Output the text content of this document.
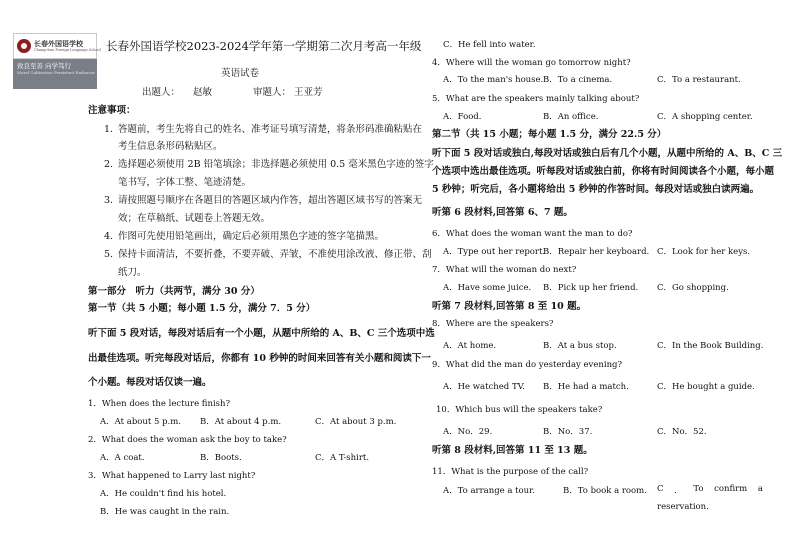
长春外国语学校
Changchun Foreign Language School
致良至善 向学笃行
Moral Cultivation Persistent Endeavor
长春外国语学校2023-2024学年第一学期第二次月考高一年级
英语试卷
出题人： 赵敏	审题人： 王亚芳
注意事项：
1. 答题前，考生先将自己的姓名、准考证号填写清楚，将条形码准确粘贴在
考生信息条形码粘贴区。
2. 选择题必须使用 2B 铅笔填涂；非选择题必须使用 0.5 毫米黑色字迹的签字
笔书写，字体工整、笔迹清楚。
3. 请按照题号顺序在各题目的答题区域内作答，超出答题区域书写的答案无
效；在草稿纸、试题卷上答题无效。
4. 作图可先使用铅笔画出，确定后必须用黑色字迹的签字笔描黑。
5. 保持卡面清洁，不要折叠，不要弄破、弄皱，不准使用涂改液、修正带、刮
纸刀。
第一部分　听力（共两节，满分 30 分）
第一节（共 5 小题；每小题 1.5 分，满分 7．5 分）
听下面 5 段对话，每段对话后有一个小题，从题中所给的 A、B、C 三个选项中选
出最佳选项。听完每段对话后，你都有 10 秒钟的时间来回答有关小题和阅读下一
个小题。每段对话仅读一遍。
1．When does the lecture finish?
A．At about 5 p.m. B．At about 4 p.m.	C．At about 3 p.m.
2．What does the woman ask the boy to take?
A．A coat.	B．Boots.	C．A T-shirt.
3．What happened to Larry last night?
A．He couldn't find his hotel.
B．He was caught in the rain.
C．He fell into water.
4．Where will the woman go tomorrow night?
A．To the man's house. B．To a cinema.	C．To a restaurant.
5．What are the speakers mainly talking about?
A．Food.	B．An office.	C．A shopping center.
第二节（共 15 小题；每小题 1.5 分，满分 22.5 分）
听下面 5 段对话或独白,每段对话或独白后有几个小题，从题中所给的 A、B、C 三
个选项中选出最佳选项。听每段对话或独白前，你将有时间阅读各个小题，每小题
5 秒钟；听完后，各小题将给出 5 秒钟的作答时间。每段对话或独白读两遍。
听第 6 段材料,回答第 6、7 题。
6．What does the woman want the man to do?
A．Type out her report.
B．Repair her keyboard. C．Look for her keys.
7．What will the woman do next?
A．Have some juice. B．Pick up her friend. C．Go shopping.
听第 7 段材料,回答第 8 至 10 题。
8．Where are the speakers?
A．At home.	B．At a bus stop.	C．In the Book Building.
9．What did the man do yesterday evening?
A．He watched TV. B．He had a match.	C．He bought a guide.
10．Which bus will the speakers take?
A．No．29.	B．No．37.	C．No．52.
听第 8 段材料,回答第 11 至 13 题。
11．What is the purpose of the call?
A．To arrange a tour.	B．To book a room. C ． To confirm a
reservation.
